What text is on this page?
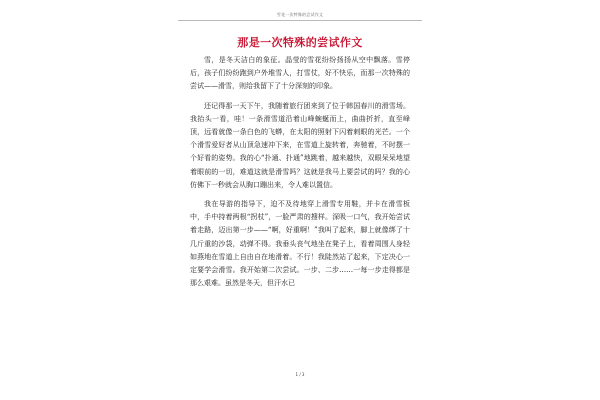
雪花一次特殊的尝试作文
那是一次特殊的尝试作文

雪，是冬天洁白的象征。晶莹的雪花纷纷扬扬从空中飘落。雪停后，孩子们纷纷跑到户外堆雪人，打雪仗，好不快乐，而那一次特殊的尝试——滑雪，则给我留下了十分深刻的印象。

还记得那一天下午，我随着旅行团来到了位于韩国春川的滑雪场。我抬头一看，哇！一条滑雪道沿着山峰蜿蜒而上，曲曲折折，直至峰顶，远看就像一条白色的飞蟒，在太阳的照射下闪着刺眼的光芒。一个个滑雪爱好者从山顶急速冲下来，在雪道上旋转着，奔驰着，不时摆一个好看的姿势。我的心“扑通、扑通”地跳着，越来越快，双眼呆呆地望着眼前的一切，难道这就是滑雪吗？这就是我马上要尝试的吗？我的心仿佛下一秒就会从胸口蹦出来，令人难以置信。

我在导游的指导下，迫不及待地穿上滑雪专用鞋，并卡在滑雪板中，手中持着两根“拐杖”，一脸严肃的搜样。深吸一口气，我开始尝试着走路，迈出第一步——“啊，好重啊！”我叫了起来，脚上就像绑了十几斤重的沙袋，动弹不得。我垂头丧气地坐在凳子上，看着周围人身轻如燕地在雪道上自由自在地滑着。不行！我陡然站了起来，下定决心一定要学会滑雪。我开始第二次尝试。一步、二步……一每一步走得都是那么艰难。虽然是冬天，但汗水已

1 / 3
